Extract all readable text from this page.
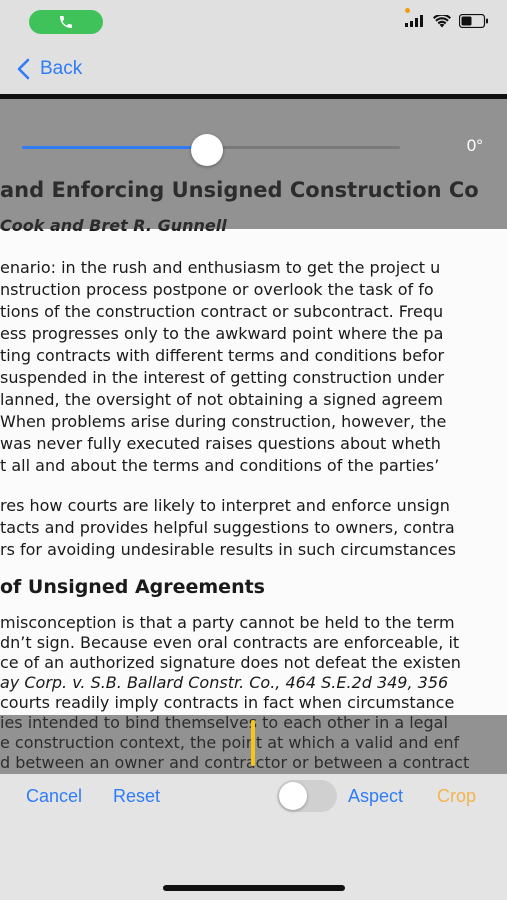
Back
enario: in the rush and enthusiasm to get the project u
nstruction process postpone or overlook the task of fo
tions of the construction contract or subcontract. Frequ
ess progresses only to the awkward point where the pa
ting contracts with different terms and conditions befor
suspended in the interest of getting construction under
lanned, the oversight of not obtaining a signed agreem
When problems arise during construction, however, the
was never fully executed raises questions about wheth
t all and about the terms and conditions of the parties’
res how courts are likely to interpret and enforce unsign
tacts and provides helpful suggestions to owners, contra
rs for avoiding undesirable results in such circumstances
of Unsigned Agreements
misconception is that a party cannot be held to the term
dn’t sign. Because even oral contracts are enforceable, it
ce of an authorized signature does not defeat the existen
ay Corp. v. S.B. Ballard Constr. Co., 464 S.E.2d 349, 356
courts readily imply contracts in fact when circumstance
0°
Cancel Reset	Aspect Crop
